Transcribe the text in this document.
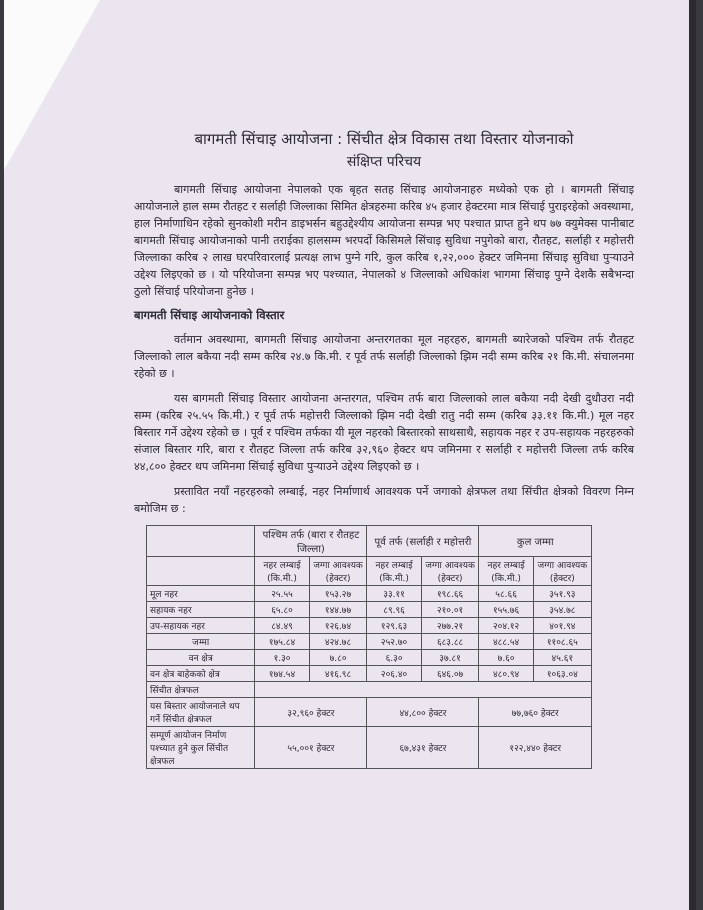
बागमती सिंचाइ आयोजना : सिंचीत क्षेत्र विकास तथा विस्तार योजनाको
संक्षिप्त परिचय

बागमती सिंचाइ आयोजना नेपालको एक बृहत सतह सिंचाइ आयोजनाहरु मध्येको एक हो । बागमती सिंचाइ आयोजनाले हाल सम्म रौतहट र सर्लाही जिल्लाका सिमित क्षेत्रहरुमा करिब ४५ हजार हेक्टरमा मात्र सिंचाई पुराइरहेको अवस्थामा, हाल निर्माणाधिन रहेको सुनकोशी मरीन डाइभर्सन बहुउद्देश्यीय आयोजना सम्पन्न भए पश्चात प्राप्त हुने थप ७७ क्युमेक्स पानीबाट बागमती सिंचाइ आयोजनाको पानी तराईका हालसम्म भरपर्दो किसिमले सिंचाइ सुविधा नपुगेको बारा, रौतहट, सर्लाही र महोत्तरी जिल्लाका करिब २ लाख घरपरिवारलाई प्रत्यक्ष लाभ पुग्ने गरि, कुल करिब १,२२,००० हेक्टर जमिनमा सिंचाइ सुविधा पुऱ्याउने उद्देश्य लिइएको छ । यो परियोजना सम्पन्न भए पश्च्यात, नेपालको ४ जिल्लाको अधिकांश भागमा सिंचाइ पुग्ने देशकै सबैभन्दा ठुलो सिंचाई परियोजना हुनेछ ।

बागमती सिंचाइ आयोजनाको विस्तार

वर्तमान अवस्थामा, बागमती सिंचाइ आयोजना अन्तरगतका मूल नहरहरु, बागमती ब्यारेजको पश्चिम तर्फ रौतहट जिल्लाको लाल बकैया नदी सम्म करिब २४.७ कि.मी. र पूर्व तर्फ सर्लाही जिल्लाको झिम नदी सम्म करिब २१ कि.मी. संचालनमा रहेको छ ।

यस बागमती सिंचाइ विस्तार आयोजना अन्तरगत, पश्चिम तर्फ बारा जिल्लाको लाल बकैया नदी देखी दुधौउरा नदी सम्म (करिब २५.५५ कि.मी.) र पूर्व तर्फ महोत्तरी जिल्लाको झिम नदी देखी रातु नदी सम्म (करिब ३३.११ कि.मी.) मूल नहर बिस्तार गर्ने उद्देश्य रहेको छ । पूर्व र पश्चिम तर्फका यी मूल नहरको बिस्तारको साथसाथै, सहायक नहर र उप-सहायक नहरहरुको संजाल बिस्तार गरि, बारा र रौतहट जिल्ला तर्फ करिब ३२,९६० हेक्टर थप जमिनमा र सर्लाही र महोत्तरी जिल्ला तर्फ करिब ४४,८०० हेक्टर थप जमिनमा सिंचाई सुविधा पुऱ्याउने उद्देश्य लिइएको छ ।

प्रस्तावित नयाँ नहरहरुको लम्बाई, नहर निर्माणार्थ आवश्यक पर्ने जगाको क्षेत्रफल तथा सिंचीत क्षेत्रको विवरण निम्न बमोजिम छ :

	पश्चिम तर्फ (बारा र रौतहट जिल्ला)		पूर्व तर्फ (सर्लाही र महोत्तरी		कुल जम्मा	
	नहर लम्बाई (कि.मी.)	जग्गा आवश्यक (हेक्टर)	नहर लम्बाई (कि.मी.)	जग्गा आवश्यक (हेक्टर)	नहर लम्बाई (कि.मी.)	जग्गा आवश्यक (हेक्टर)
मूल नहर	२५.५५	१५३.२७	३३.११	१९८.६६	५८.६६	३५१.९३
सहायक नहर	६५.८०	१४४.७७	८९.९६	२१०.०१	१५५.७६	३५४.७८
उप-सहायक नहर	८४.४९	१२६.७४	१२९.६३	२७७.२१	२०४.१२	४०१.९४
जम्मा	१७५.८४	४२४.७८	२५२.७०	६८३.८८	४८८.५४	११०८.६५
वन क्षेत्र	१.३०	७.८०	६.३०	३७.८१	७.६०	४५.६१
वन क्षेत्र बाहेकको क्षेत्र	१७४.५४	४१६.९८	२०६.४०	६४६.०७	४८०.९४	१०६३.०४
सिंचीत क्षेत्रफल						
यस बिस्तार आयोजनाले थप गर्ने सिंचीत क्षेत्रफल	३२,९६० हेक्टर		४४,८०० हेक्टर		७७,७६० हेक्टर	
सम्पूर्ण आयोजन निर्माण पश्च्यात हुने कुल सिंचीत क्षेत्रफल	५५,००१ हेक्टर		६७,४३१ हेक्टर		१२२,४४० हेक्टर	
